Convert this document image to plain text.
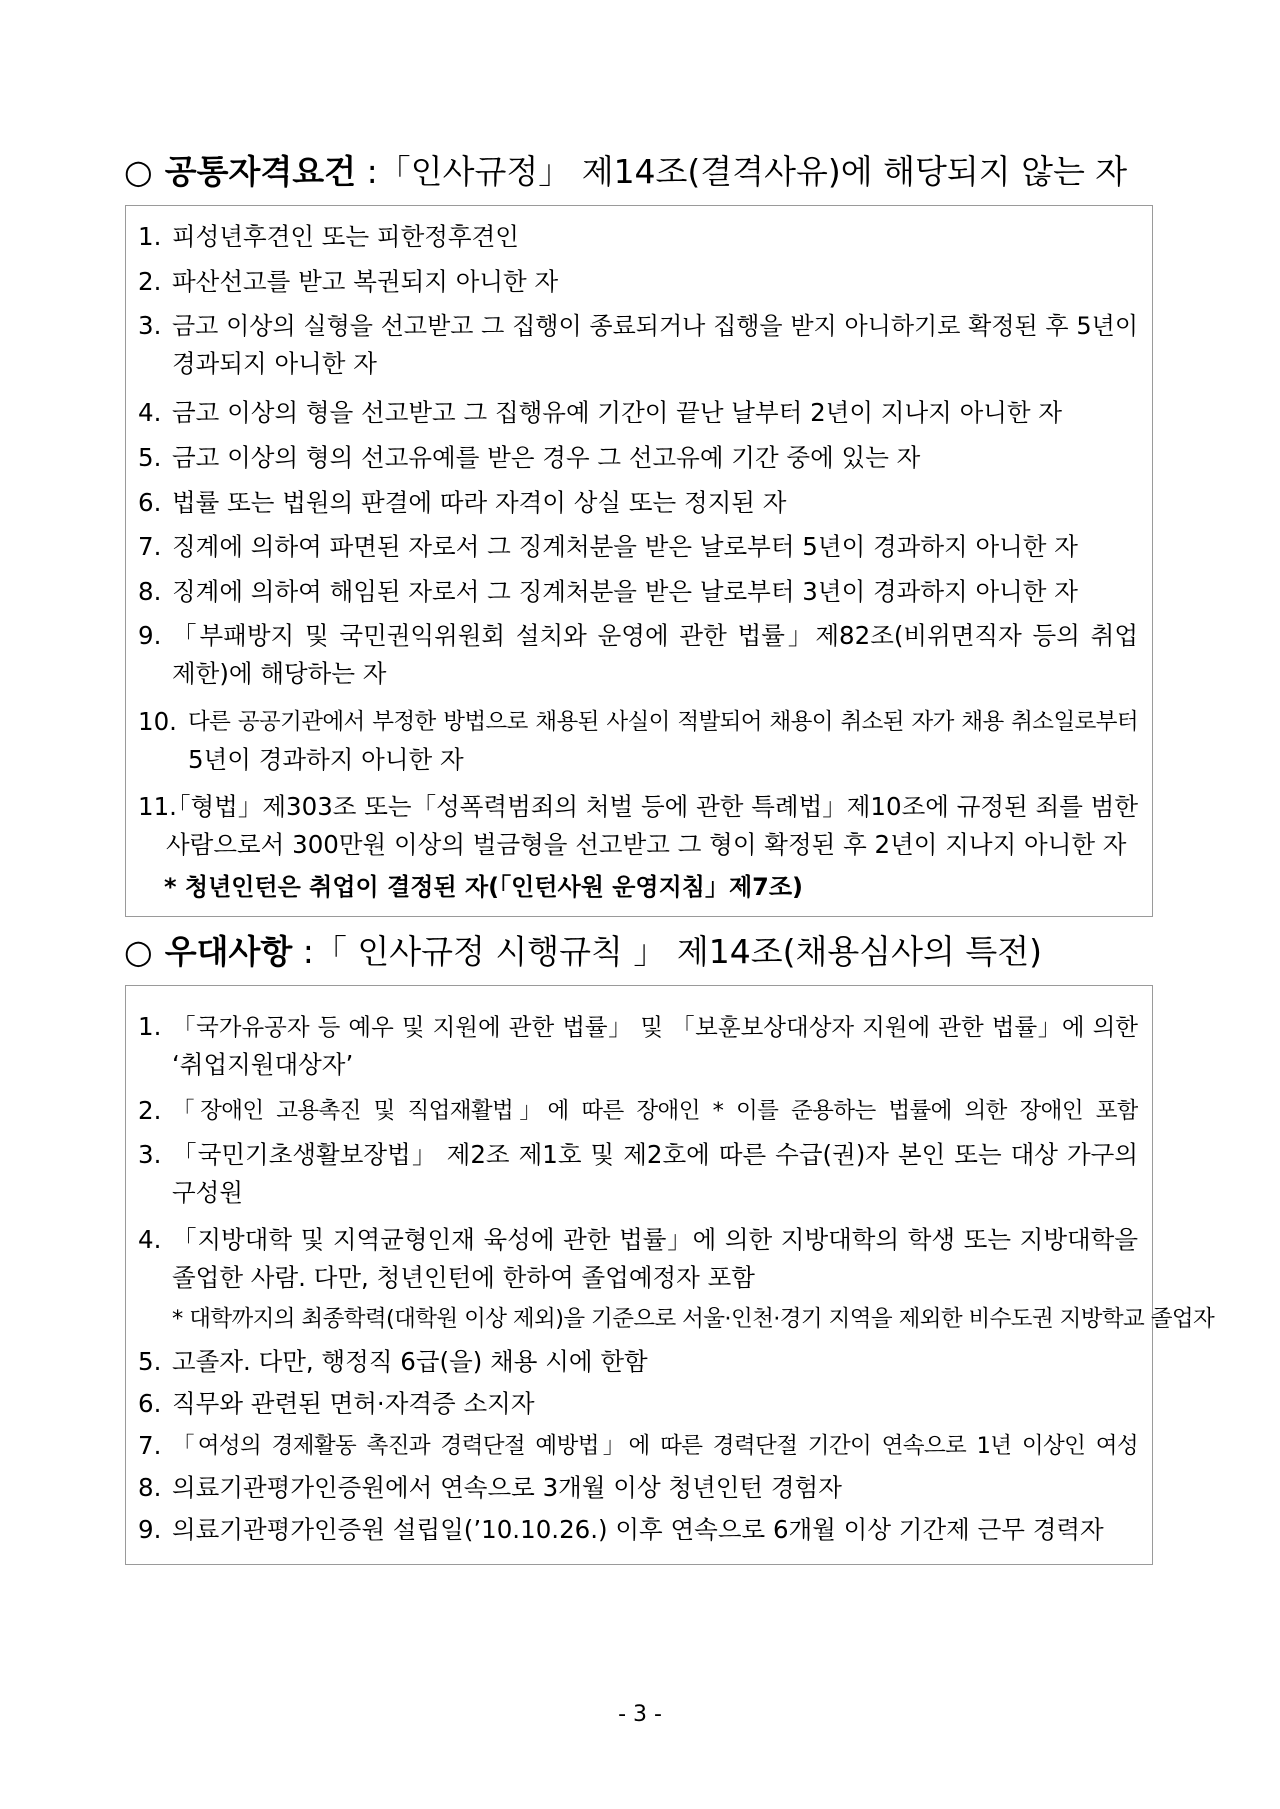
○ 공통자격요건 :「인사규정」 제14조(결격사유)에 해당되지 않는 자
1. 피성년후견인 또는 피한정후견인
2. 파산선고를 받고 복권되지 아니한 자
3. 금고 이상의 실형을 선고받고 그 집행이 종료되거나 집행을 받지 아니하기로 확정된 후 5년이
경과되지 아니한 자
4. 금고 이상의 형을 선고받고 그 집행유예 기간이 끝난 날부터 2년이 지나지 아니한 자
5. 금고 이상의 형의 선고유예를 받은 경우 그 선고유예 기간 중에 있는 자
6. 법률 또는 법원의 판결에 따라 자격이 상실 또는 정지된 자
7. 징계에 의하여 파면된 자로서 그 징계처분을 받은 날로부터 5년이 경과하지 아니한 자
8. 징계에 의하여 해임된 자로서 그 징계처분을 받은 날로부터 3년이 경과하지 아니한 자
9. 「부패방지 및 국민권익위원회 설치와 운영에 관한 법률」제82조(비위면직자 등의 취업
제한)에 해당하는 자
10. 다른 공공기관에서 부정한 방법으로 채용된 사실이 적발되어 채용이 취소된 자가 채용 취소일로부터
5년이 경과하지 아니한 자
11.
「형법」제303조 또는「성폭력범죄의 처벌 등에 관한 특례법」제10조에 규정된 죄를 범한
사람으로서 300만원 이상의 벌금형을 선고받고 그 형이 확정된 후 2년이 지나지 아니한 자
* 청년인턴은 취업이 결정된 자(「인턴사원 운영지침」제7조)
○ 우대사항 :「 인사규정 시행규칙 」 제14조(채용심사의 특전)
1. 「국가유공자 등 예우 및 지원에 관한 법률」 및 「보훈보상대상자 지원에 관한 법률」에 의한
‘취업지원대상자’
2. 「장애인 고용촉진 및 직업재활법」에 따른 장애인 * 이를 준용하는 법률에 의한 장애인 포함
3. 「국민기초생활보장법」 제2조 제1호 및 제2호에 따른 수급(권)자 본인 또는 대상 가구의
구성원
4. 「지방대학 및 지역균형인재 육성에 관한 법률」에 의한 지방대학의 학생 또는 지방대학을
졸업한 사람. 다만, 청년인턴에 한하여 졸업예정자 포함
* 대학까지의 최종학력(대학원 이상 제외)을 기준으로 서울·인천·경기 지역을 제외한 비수도권 지방학교 졸업자
5. 고졸자. 다만, 행정직 6급(을) 채용 시에 한함
6. 직무와 관련된 면허·자격증 소지자
7. 「여성의 경제활동 촉진과 경력단절 예방법」에 따른 경력단절 기간이 연속으로 1년 이상인 여성
8. 의료기관평가인증원에서 연속으로 3개월 이상 청년인턴 경험자
9. 의료기관평가인증원 설립일(’10.10.26.) 이후 연속으로 6개월 이상 기간제 근무 경력자
- 3 -
